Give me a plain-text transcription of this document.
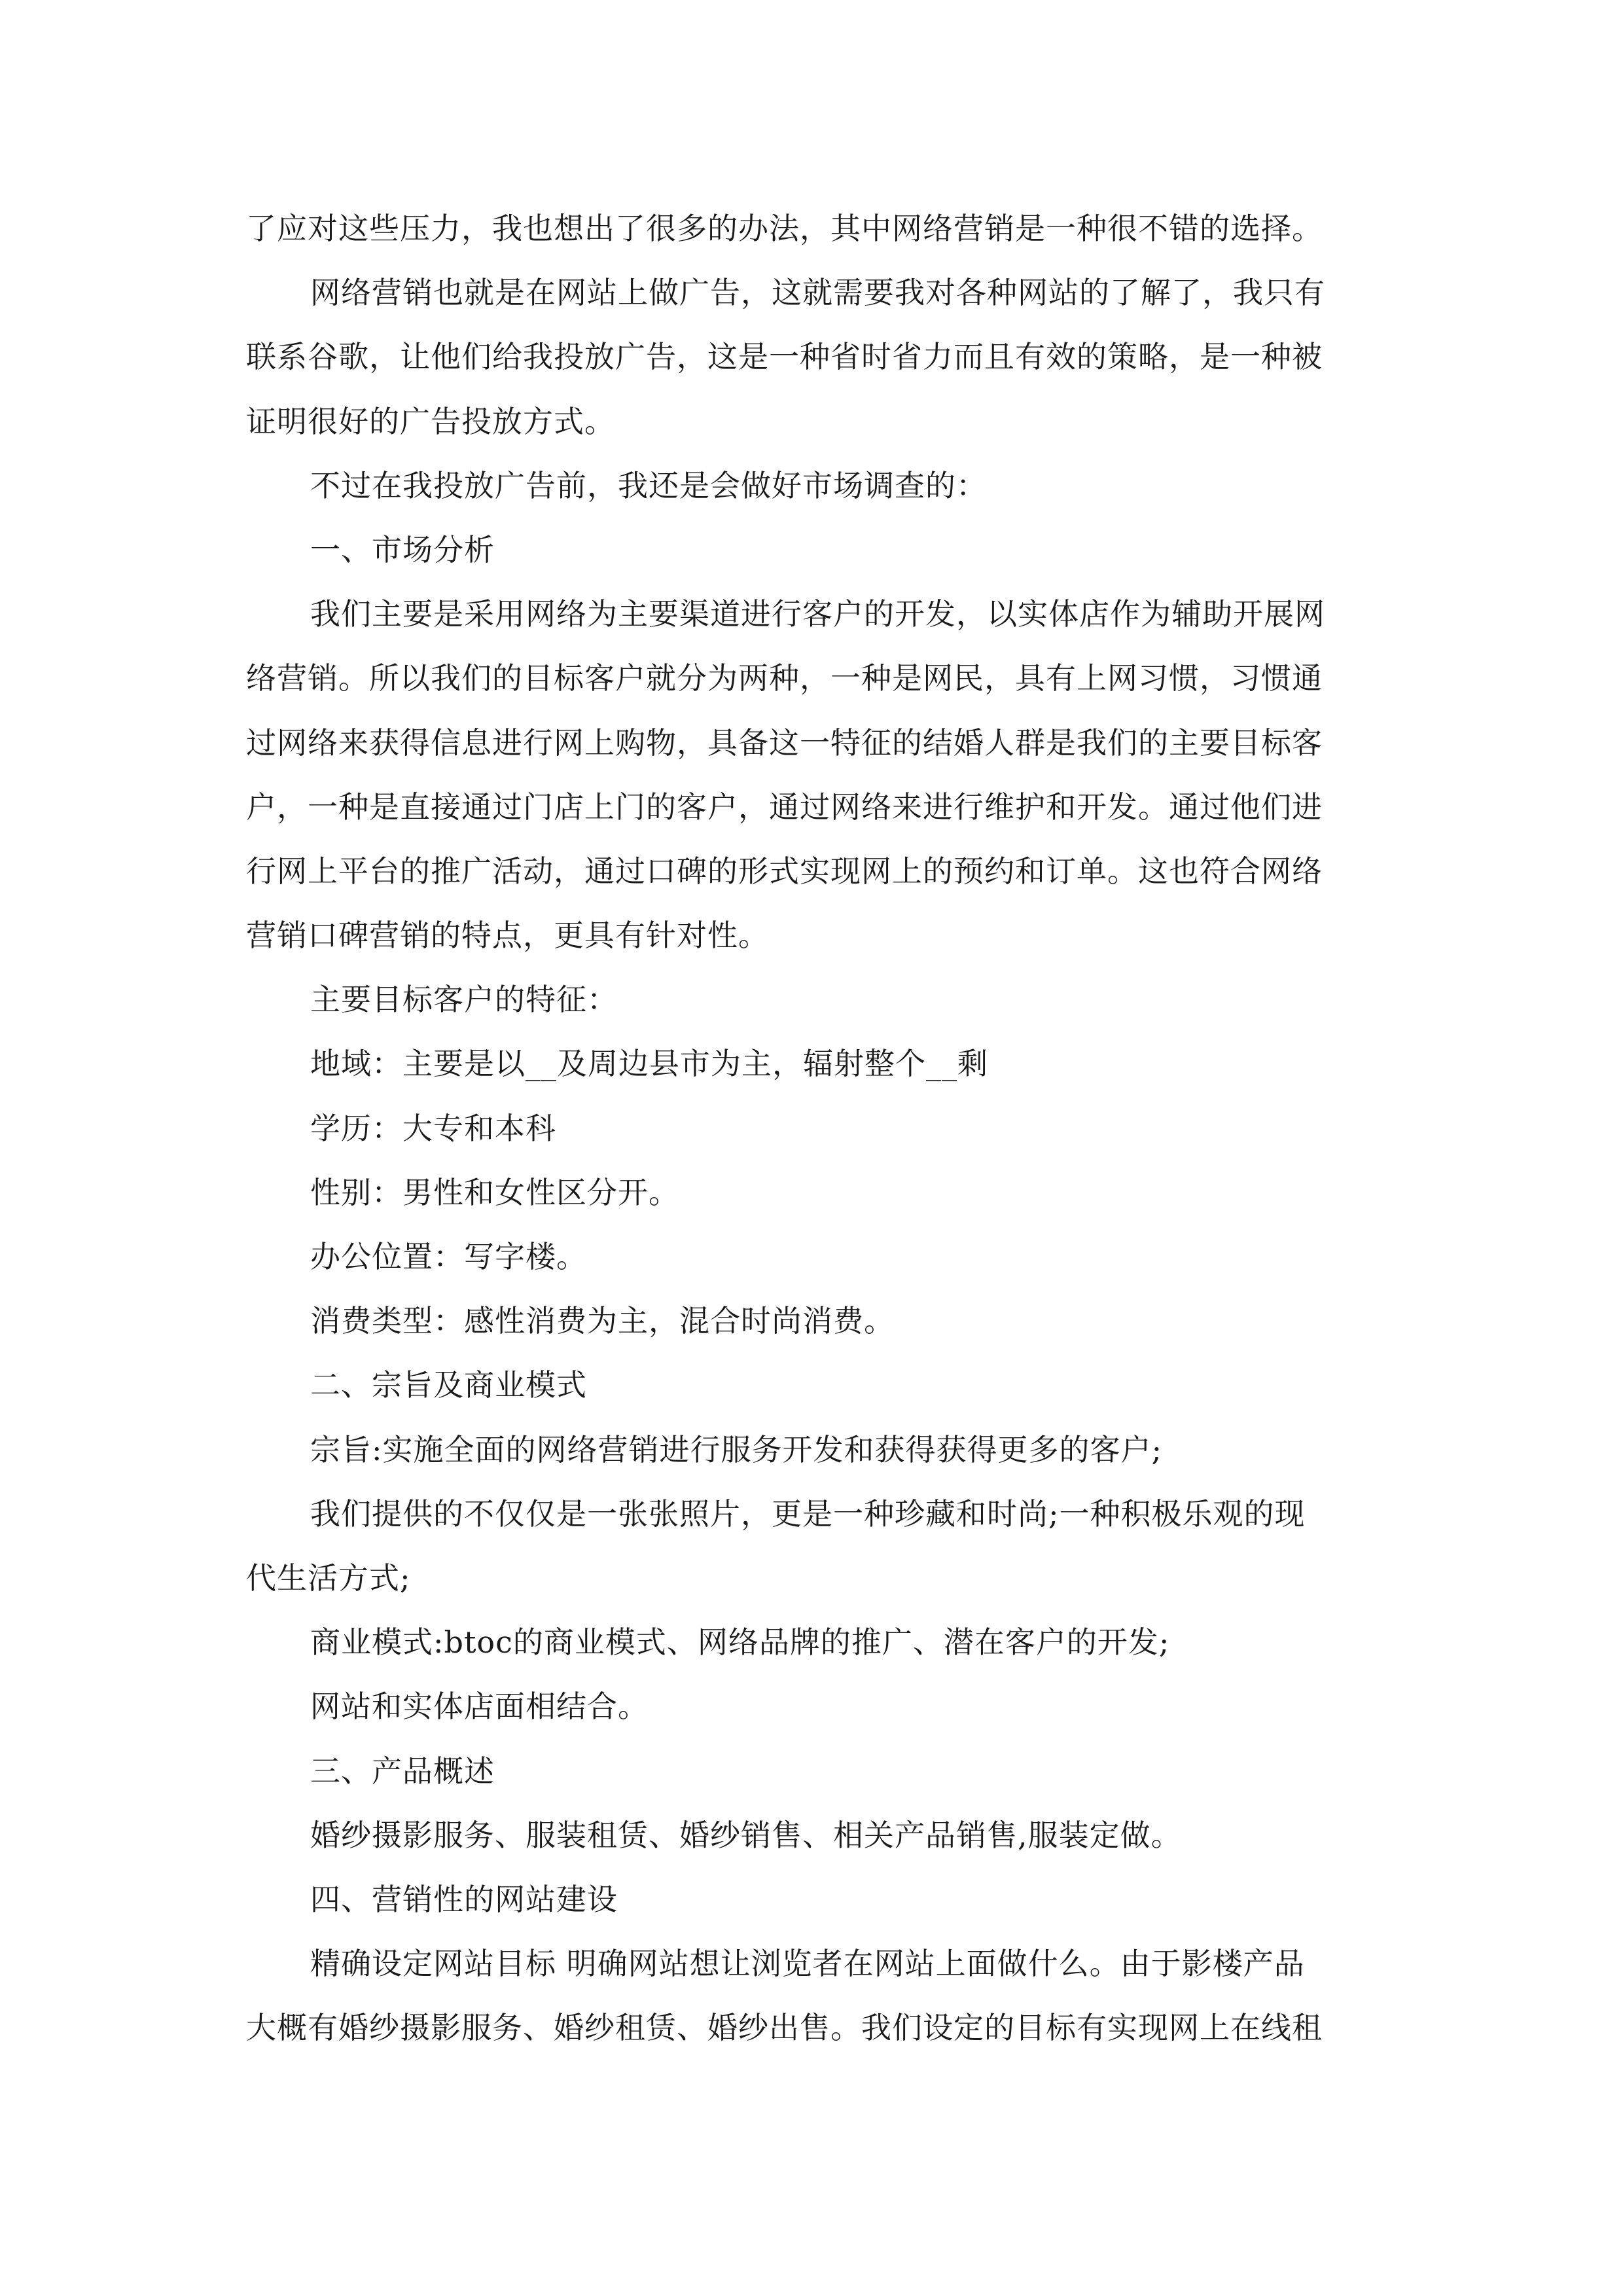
了应对这些压力，我也想出了很多的办法，其中网络营销是一种很不错的选择。
网络营销也就是在网站上做广告，这就需要我对各种网站的了解了，我只有
联系谷歌，让他们给我投放广告，这是一种省时省力而且有效的策略，是一种被
证明很好的广告投放方式。
不过在我投放广告前，我还是会做好市场调查的：
一、市场分析
我们主要是采用网络为主要渠道进行客户的开发，以实体店作为辅助开展网
络营销。所以我们的目标客户就分为两种，一种是网民，具有上网习惯，习惯通
过网络来获得信息进行网上购物，具备这一特征的结婚人群是我们的主要目标客
户，一种是直接通过门店上门的客户，通过网络来进行维护和开发。通过他们进
行网上平台的推广活动，通过口碑的形式实现网上的预约和订单。这也符合网络
营销口碑营销的特点，更具有针对性。
主要目标客户的特征：
地域：主要是以__及周边县市为主，辐射整个__剩
学历：大专和本科
性别：男性和女性区分开。
办公位置：写字楼。
消费类型：感性消费为主，混合时尚消费。
二、宗旨及商业模式
宗旨:实施全面的网络营销进行服务开发和获得获得更多的客户;
我们提供的不仅仅是一张张照片，更是一种珍藏和时尚;一种积极乐观的现
代生活方式;
商业模式:btoc的商业模式、网络品牌的推广、潜在客户的开发;
网站和实体店面相结合。
三、产品概述
婚纱摄影服务、服装租赁、婚纱销售、相关产品销售,服装定做。
四、营销性的网站建设
精确设定网站目标 明确网站想让浏览者在网站上面做什么。由于影楼产品
大概有婚纱摄影服务、婚纱租赁、婚纱出售。我们设定的目标有实现网上在线租
